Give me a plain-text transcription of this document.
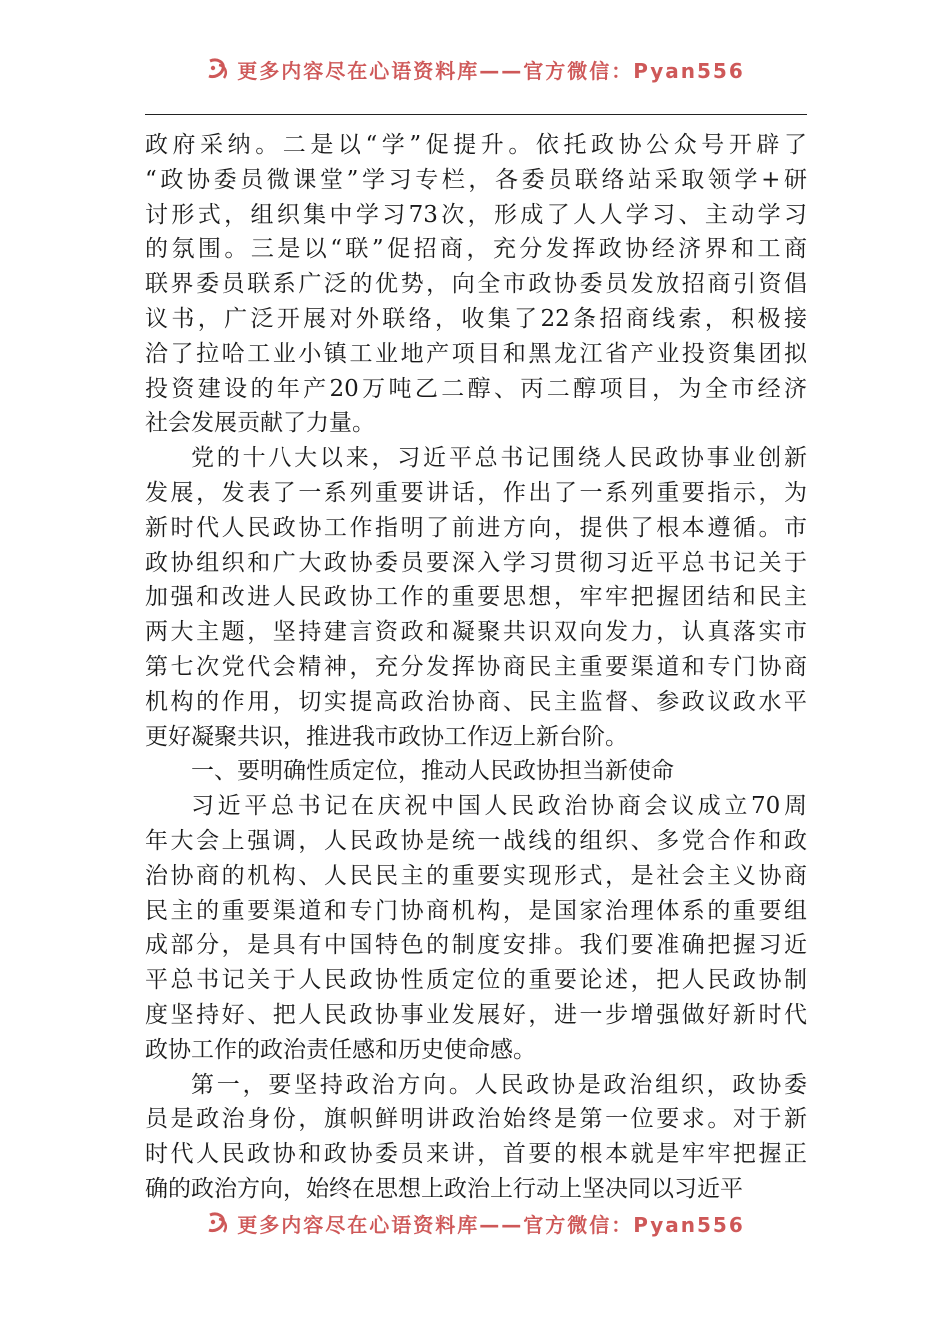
更多内容尽在心语资料库——官方微信：Pyan556
政府采纳。二是以“学”促提升。依托政协公众号开辟了
“政协委员微课堂”学习专栏，各委员联络站采取领学+研
讨形式，组织集中学习73次，形成了人人学习、主动学习
的氛围。三是以“联”促招商，充分发挥政协经济界和工商
联界委员联系广泛的优势，向全市政协委员发放招商引资倡
议书，广泛开展对外联络，收集了22条招商线索，积极接
洽了拉哈工业小镇工业地产项目和黑龙江省产业投资集团拟
投资建设的年产20万吨乙二醇、丙二醇项目，为全市经济
社会发展贡献了力量。
党的十八大以来，习近平总书记围绕人民政协事业创新
发展，发表了一系列重要讲话，作出了一系列重要指示，为
新时代人民政协工作指明了前进方向，提供了根本遵循。市
政协组织和广大政协委员要深入学习贯彻习近平总书记关于
加强和改进人民政协工作的重要思想，牢牢把握团结和民主
两大主题，坚持建言资政和凝聚共识双向发力，认真落实市
第七次党代会精神，充分发挥协商民主重要渠道和专门协商
机构的作用，切实提高政治协商、民主监督、参政议政水平
更好凝聚共识，推进我市政协工作迈上新台阶。
一、要明确性质定位，推动人民政协担当新使命
习近平总书记在庆祝中国人民政治协商会议成立70周
年大会上强调，人民政协是统一战线的组织、多党合作和政
治协商的机构、人民民主的重要实现形式，是社会主义协商
民主的重要渠道和专门协商机构，是国家治理体系的重要组
成部分，是具有中国特色的制度安排。我们要准确把握习近
平总书记关于人民政协性质定位的重要论述，把人民政协制
度坚持好、把人民政协事业发展好，进一步增强做好新时代
政协工作的政治责任感和历史使命感。
第一，要坚持政治方向。人民政协是政治组织，政协委
员是政治身份，旗帜鲜明讲政治始终是第一位要求。对于新
时代人民政协和政协委员来讲，首要的根本就是牢牢把握正
确的政治方向，始终在思想上政治上行动上坚决同以习近平
更多内容尽在心语资料库——官方微信：Pyan556
